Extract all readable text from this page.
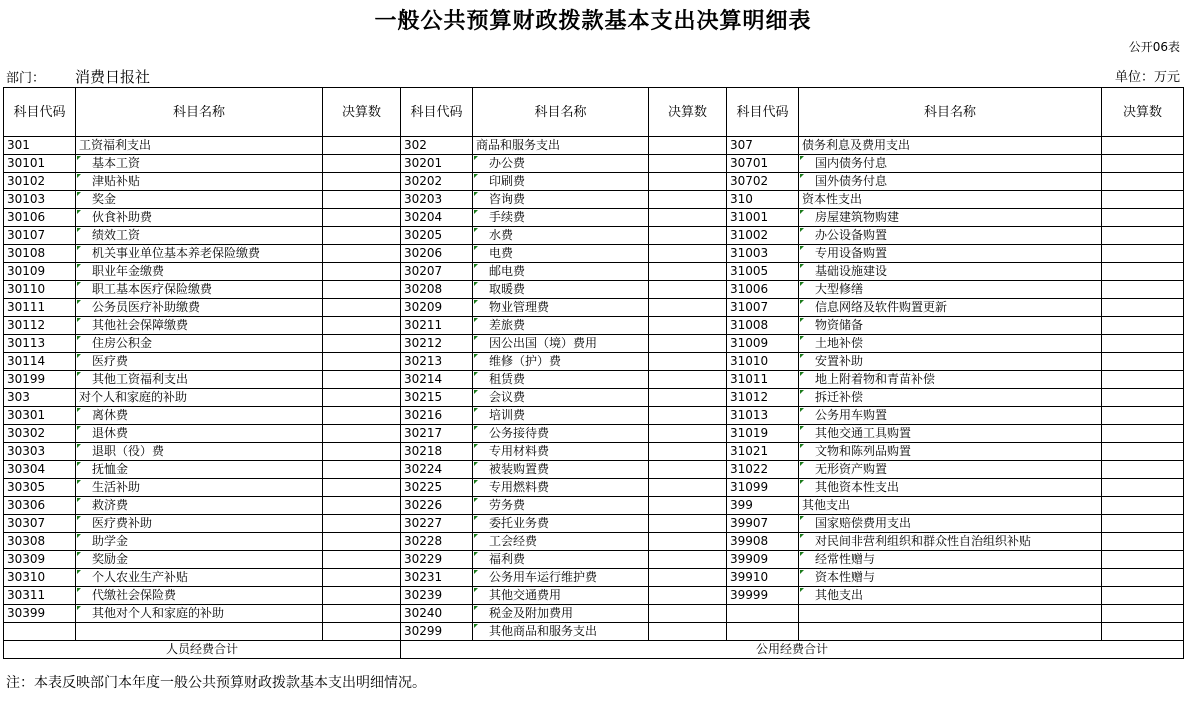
一般公共预算财政拨款基本支出决算明细表
公开06表
部门： 消费日报社	单位：万元
科目代码	科目名称	决算数	科目代码	科目名称	决算数	科目代码	科目名称	决算数
301	工资福利支出		302	商品和服务支出		307	债务利息及费用支出	
30101	基本工资		30201	办公费		30701	国内债务付息	
30102	津贴补贴		30202	印刷费		30702	国外债务付息	
30103	奖金		30203	咨询费		310	资本性支出	
30106	伙食补助费		30204	手续费		31001	房屋建筑物购建	
30107	绩效工资		30205	水费		31002	办公设备购置	
30108	机关事业单位基本养老保险缴费		30206	电费		31003	专用设备购置	
30109	职业年金缴费		30207	邮电费		31005	基础设施建设	
30110	职工基本医疗保险缴费		30208	取暖费		31006	大型修缮	
30111	公务员医疗补助缴费		30209	物业管理费		31007	信息网络及软件购置更新	
30112	其他社会保障缴费		30211	差旅费		31008	物资储备	
30113	住房公积金		30212	因公出国（境）费用		31009	土地补偿	
30114	医疗费		30213	维修（护）费		31010	安置补助	
30199	其他工资福利支出		30214	租赁费		31011	地上附着物和青苗补偿	
303	对个人和家庭的补助		30215	会议费		31012	拆迁补偿	
30301	离休费		30216	培训费		31013	公务用车购置	
30302	退休费		30217	公务接待费		31019	其他交通工具购置	
30303	退职（役）费		30218	专用材料费		31021	文物和陈列品购置	
30304	抚恤金		30224	被装购置费		31022	无形资产购置	
30305	生活补助		30225	专用燃料费		31099	其他资本性支出	
30306	救济费		30226	劳务费		399	其他支出	
30307	医疗费补助		30227	委托业务费		39907	国家赔偿费用支出	
30308	助学金		30228	工会经费		39908	对民间非营利组织和群众性自治组织补贴	
30309	奖励金		30229	福利费		39909	经常性赠与	
30310	个人农业生产补贴		30231	公务用车运行维护费		39910	资本性赠与	
30311	代缴社会保险费		30239	其他交通费用		39999	其他支出	
30399	其他对个人和家庭的补助		30240	税金及附加费用				
			30299	其他商品和服务支出				
人员经费合计			公用经费合计					
注：本表反映部门本年度一般公共预算财政拨款基本支出明细情况。
